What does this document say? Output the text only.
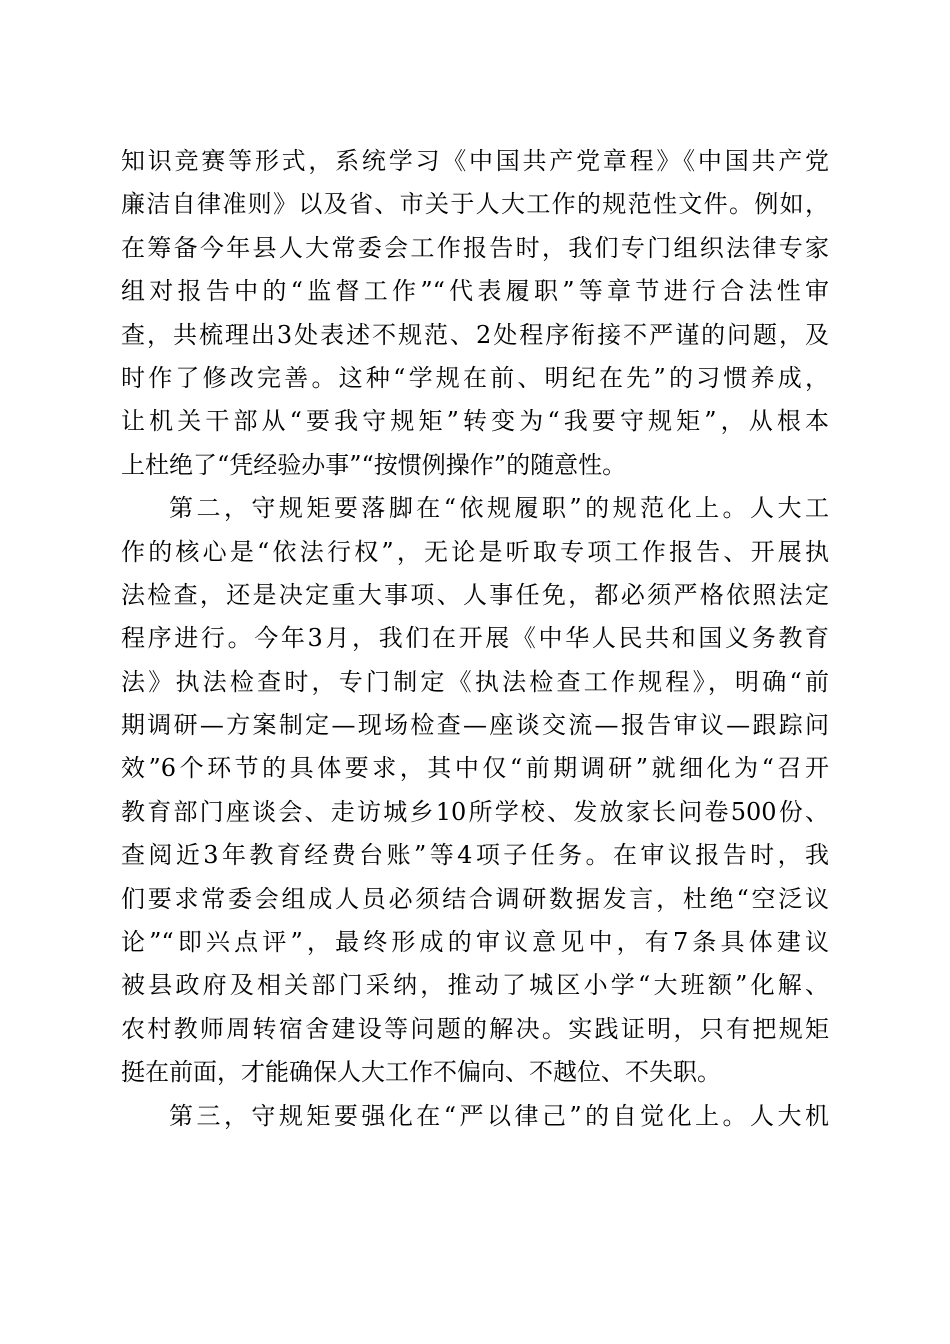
知识竞赛等形式，系统学习《中国共产党章程》《中国共产党
廉洁自律准则》以及省、市关于人大工作的规范性文件。例如，
在筹备今年县人大常委会工作报告时，我们专门组织法律专家
组对报告中的“监督工作”“代表履职”等章节进行合法性审
查，共梳理出3处表述不规范、2处程序衔接不严谨的问题，及
时作了修改完善。这种“学规在前、明纪在先”的习惯养成，
让机关干部从“要我守规矩”转变为“我要守规矩”，从根本
上杜绝了“凭经验办事”“按惯例操作”的随意性。
第二，守规矩要落脚在“依规履职”的规范化上。人大工
作的核心是“依法行权”，无论是听取专项工作报告、开展执
法检查，还是决定重大事项、人事任免，都必须严格依照法定
程序进行。今年3月，我们在开展《中华人民共和国义务教育
法》执法检查时，专门制定《执法检查工作规程》，明确“前
期调研—方案制定—现场检查—座谈交流—报告审议—跟踪问
效”6个环节的具体要求，其中仅“前期调研”就细化为“召开
教育部门座谈会、走访城乡10所学校、发放家长问卷500份、
查阅近3年教育经费台账”等4项子任务。在审议报告时，我
们要求常委会组成人员必须结合调研数据发言，杜绝“空泛议
论”“即兴点评”，最终形成的审议意见中，有7条具体建议
被县政府及相关部门采纳，推动了城区小学“大班额”化解、
农村教师周转宿舍建设等问题的解决。实践证明，只有把规矩
挺在前面，才能确保人大工作不偏向、不越位、不失职。
第三，守规矩要强化在“严以律己”的自觉化上。人大机
